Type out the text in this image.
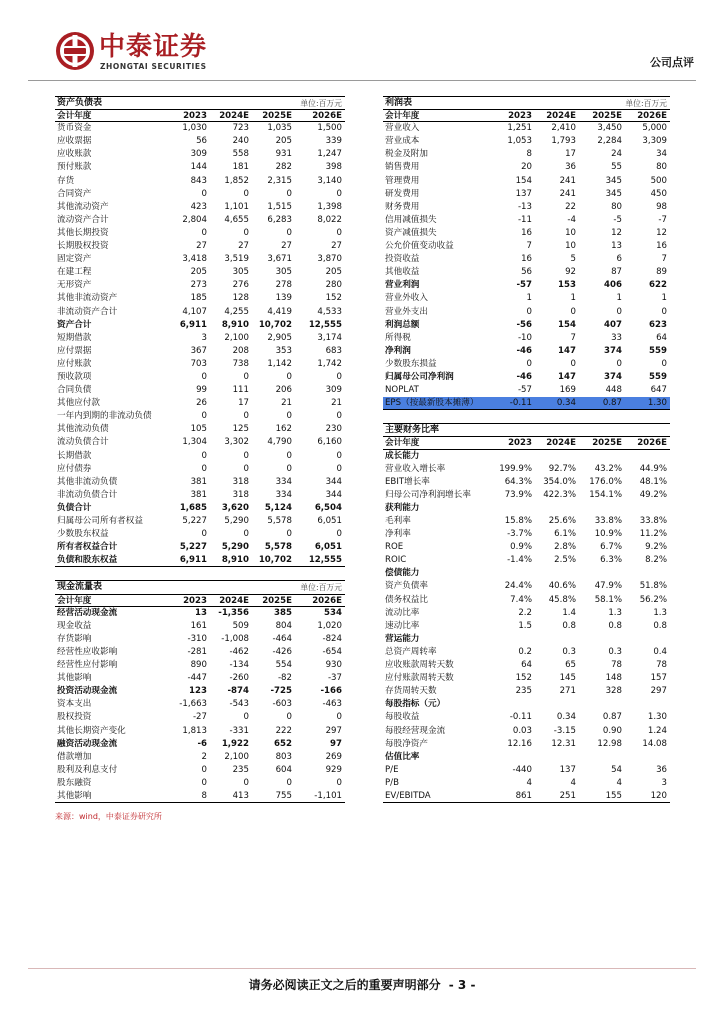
中泰证券
ZHONGTAI SECURITIES	公司点评
资产负债表	单位:百万元
会计年度	2023	2024E	2025E	2026E
货币资金	1,030	723	1,035	1,500
应收票据	56	240	205	339
应收账款	309	558	931	1,247
预付账款	144	181	282	398
存货	843	1,852	2,315	3,140
合同资产	0	0	0	0
其他流动资产	423	1,101	1,515	1,398
流动资产合计	2,804	4,655	6,283	8,022
其他长期投资	0	0	0	0
长期股权投资	27	27	27	27
固定资产	3,418	3,519	3,671	3,870
在建工程	205	305	305	205
无形资产	273	276	278	280
其他非流动资产	185	128	139	152
非流动资产合计	4,107	4,255	4,419	4,533
资产合计	6,911	8,910	10,702	12,555
短期借款	3	2,100	2,905	3,174
应付票据	367	208	353	683
应付账款	703	738	1,142	1,742
预收款项	0	0	0	0
合同负债	99	111	206	309
其他应付款	26	17	21	21
一年内到期的非流动负债	0	0	0	0
其他流动负债	105	125	162	230
流动负债合计	1,304	3,302	4,790	6,160
长期借款	0	0	0	0
应付债券	0	0	0	0
其他非流动负债	381	318	334	344
非流动负债合计	381	318	334	344
负债合计	1,685	3,620	5,124	6,504
归属母公司所有者权益	5,227	5,290	5,578	6,051
少数股东权益	0	0	0	0
所有者权益合计	5,227	5,290	5,578	6,051
负债和股东权益	6,911	8,910	10,702	12,555
现金流量表	单位:百万元
会计年度	2023	2024E	2025E	2026E
经营活动现金流	13	-1,356	385	534
现金收益	161	509	804	1,020
存货影响	-310	-1,008	-464	-824
经营性应收影响	-281	-462	-426	-654
经营性应付影响	890	-134	554	930
其他影响	-447	-260	-82	-37
投资活动现金流	123	-874	-725	-166
资本支出	-1,663	-543	-603	-463
股权投资	-27	0	0	0
其他长期资产变化	1,813	-331	222	297
融资活动现金流	-6	1,922	652	97
借款增加	2	2,100	803	269
股利及利息支付	0	235	604	929
股东融资	0	0	0	0
其他影响	8	413	755	-1,101
利润表	单位:百万元
会计年度	2023	2024E	2025E	2026E
营业收入	1,251	2,410	3,450	5,000
营业成本	1,053	1,793	2,284	3,309
税金及附加	8	17	24	34
销售费用	20	36	55	80
管理费用	154	241	345	500
研发费用	137	241	345	450
财务费用	-13	22	80	98
信用减值损失	-11	-4	-5	-7
资产减值损失	16	10	12	12
公允价值变动收益	7	10	13	16
投资收益	16	5	6	7
其他收益	56	92	87	89
营业利润	-57	153	406	622
营业外收入	1	1	1	1
营业外支出	0	0	0	0
利润总额	-56	154	407	623
所得税	-10	7	33	64
净利润	-46	147	374	559
少数股东损益	0	0	0	0
归属母公司净利润	-46	147	374	559
NOPLAT	-57	169	448	647
EPS（按最新股本摊薄）	-0.11	0.34	0.87	1.30
主要财务比率
会计年度	2023	2024E	2025E	2026E
成长能力
营业收入增长率	199.9%	92.7%	43.2%	44.9%
EBIT增长率	64.3%	354.0%	176.0%	48.1%
归母公司净利润增长率	73.9%	422.3%	154.1%	49.2%
获利能力
毛利率	15.8%	25.6%	33.8%	33.8%
净利率	-3.7%	6.1%	10.9%	11.2%
ROE	0.9%	2.8%	6.7%	9.2%
ROIC	-1.4%	2.5%	6.3%	8.2%
偿债能力
资产负债率	24.4%	40.6%	47.9%	51.8%
债务权益比	7.4%	45.8%	58.1%	56.2%
流动比率	2.2	1.4	1.3	1.3
速动比率	1.5	0.8	0.8	0.8
营运能力
总资产周转率	0.2	0.3	0.3	0.4
应收账款周转天数	64	65	78	78
应付账款周转天数	152	145	148	157
存货周转天数	235	271	328	297
每股指标（元）
每股收益	-0.11	0.34	0.87	1.30
每股经营现金流	0.03	-3.15	0.90	1.24
每股净资产	12.16	12.31	12.98	14.08
估值比率
P/E	-440	137	54	36
P/B	4	4	4	3
EV/EBITDA	861	251	155	120
来源：wind，中泰证券研究所
请务必阅读正文之后的重要声明部分 - 3 -
